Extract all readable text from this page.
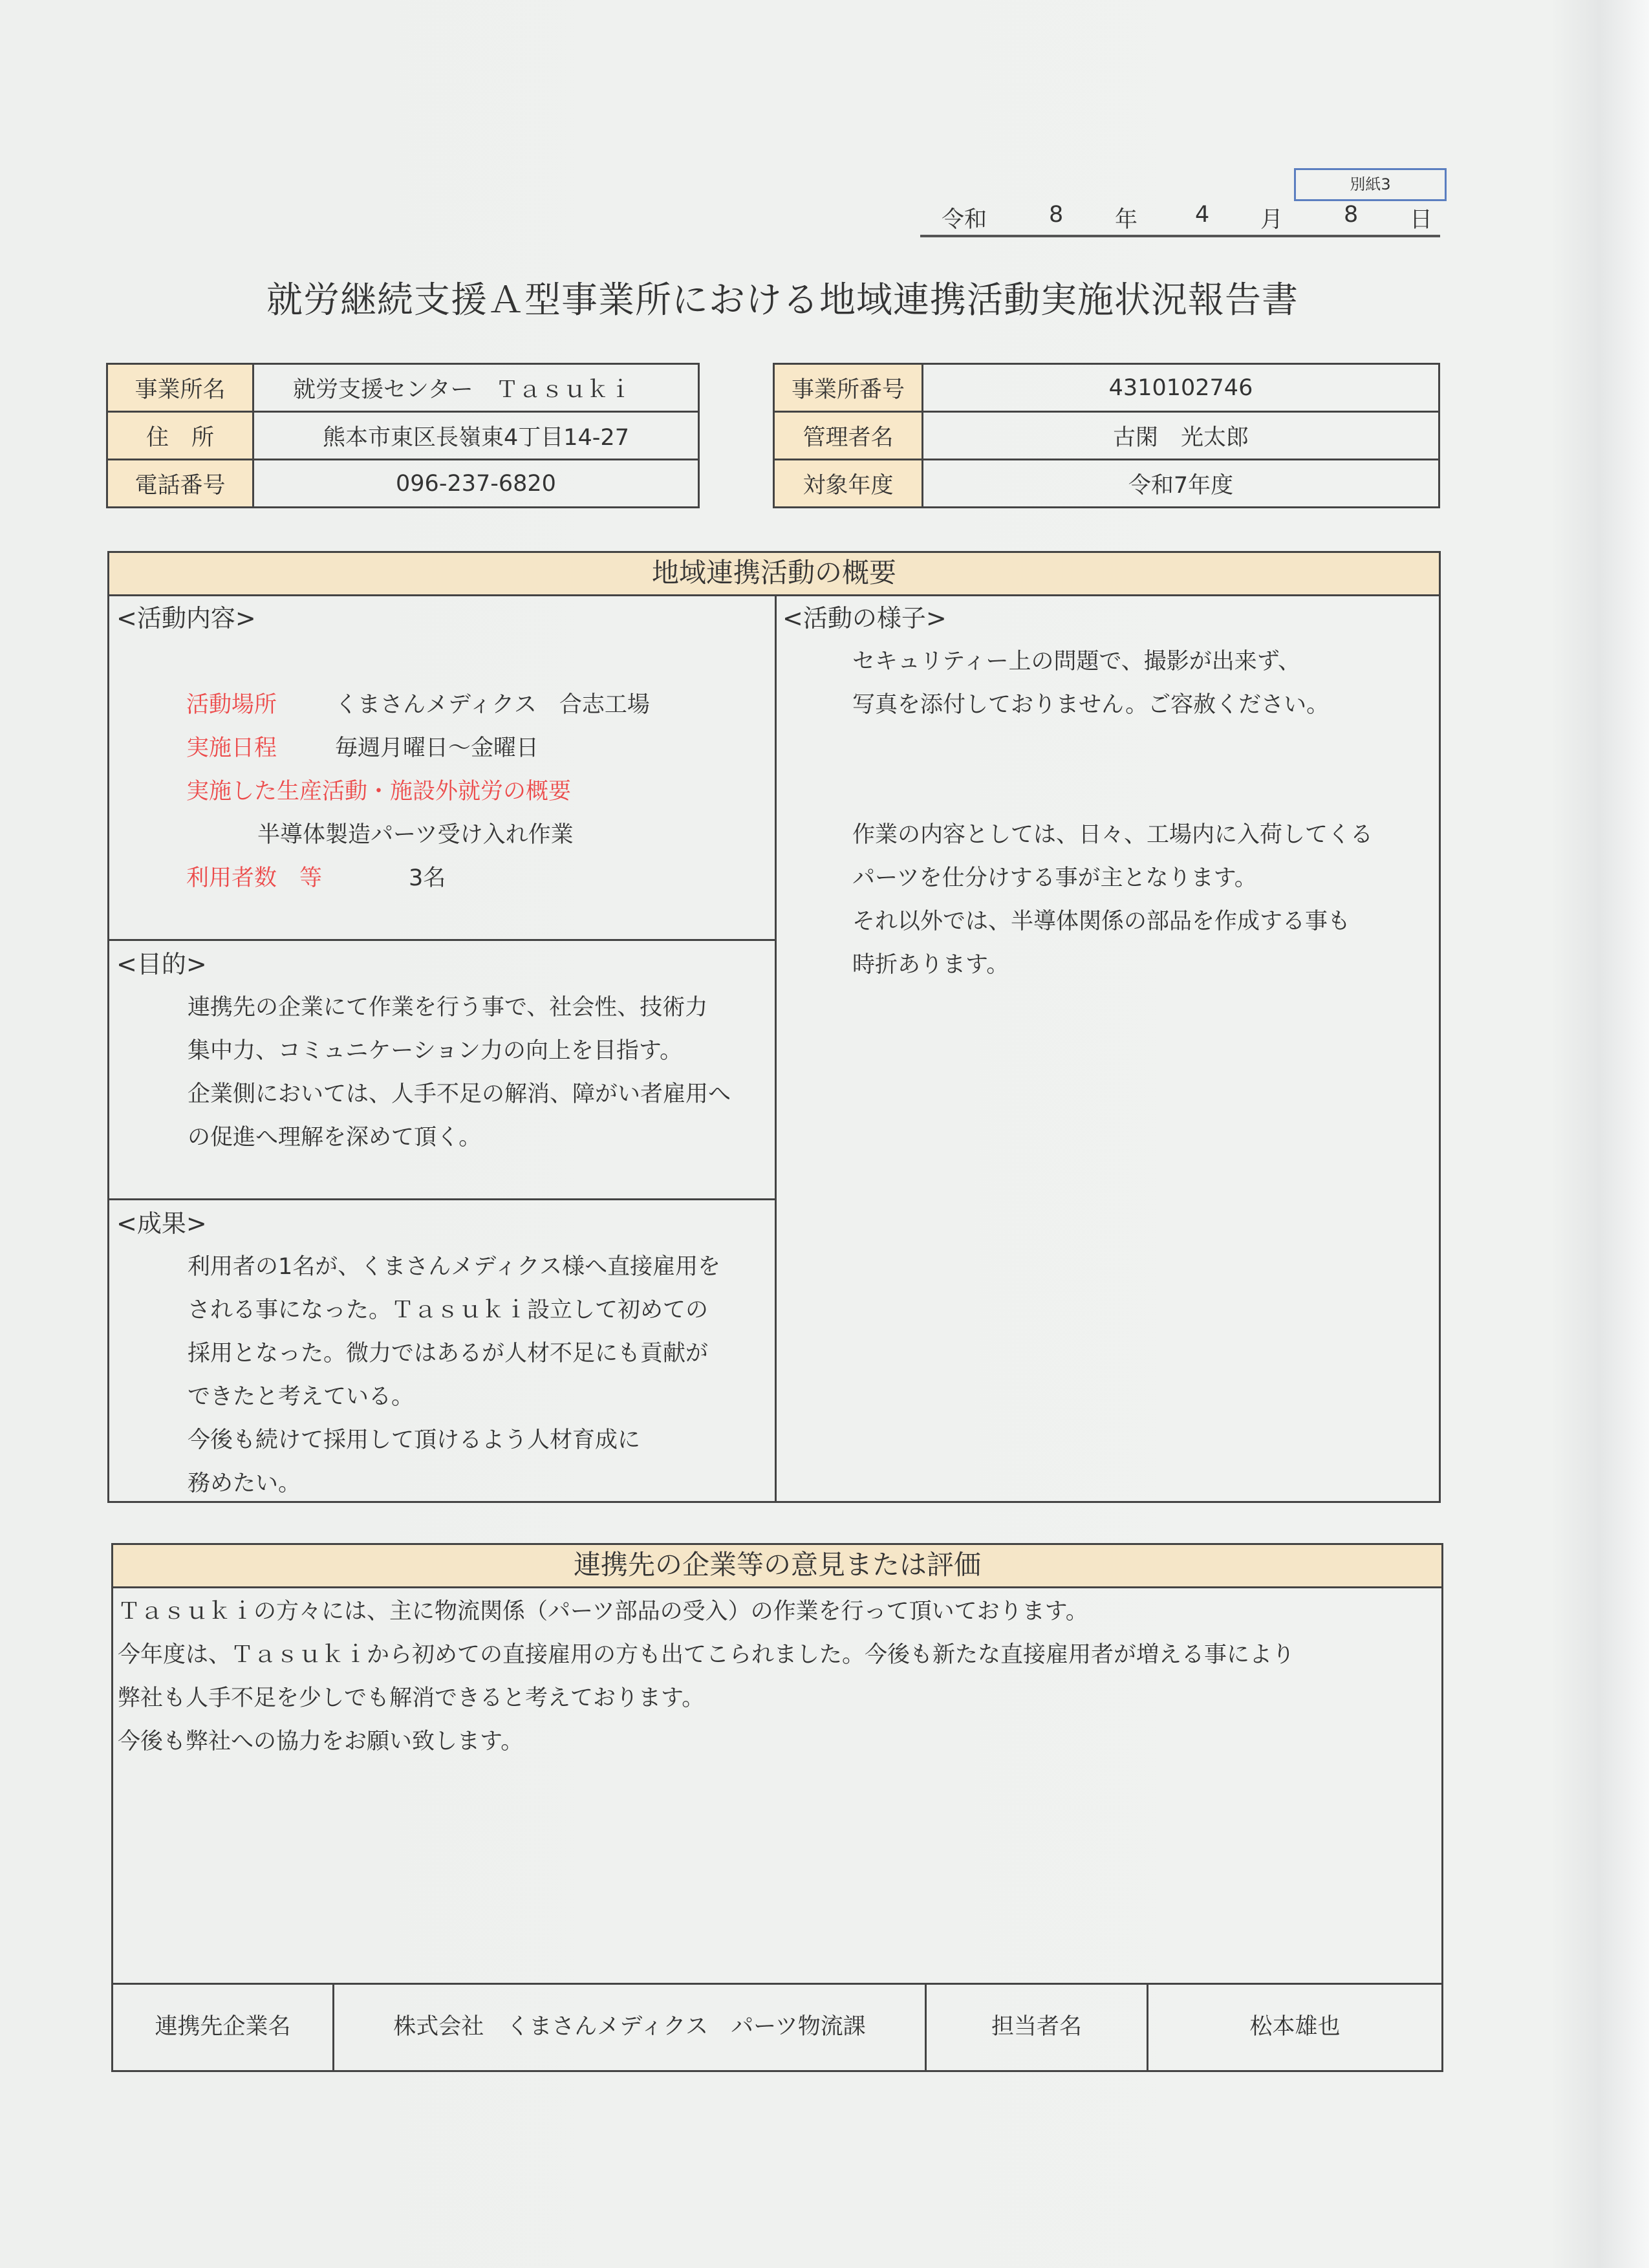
別紙3
令和	8 年	4 月	8 日
就労継続支援Ａ型事業所における地域連携活動実施状況報告書
事業所名	就労支援センター　Ｔａｓｕｋｉ
住　所	熊本市東区長嶺東4丁目14-27
電話番号	096-237-6820
事業所番号	4310102746
管理者名	古閑　光太郎
対象年度	令和7年度
地域連携活動の概要
<活動内容>
活動場所	くまさんメディクス　合志工場
実施日程	毎週月曜日～金曜日
実施した生産活動・施設外就労の概要
半導体製造パーツ受け入れ作業
利用者数　等	3名
<目的>
連携先の企業にて作業を行う事で、社会性、技術力
集中力、コミュニケーション力の向上を目指す。
企業側においては、人手不足の解消、障がい者雇用へ
の促進へ理解を深めて頂く。
<成果>
利用者の1名が、くまさんメディクス様へ直接雇用を
される事になった。Ｔａｓｕｋｉ設立して初めての
採用となった。微力ではあるが人材不足にも貢献が
できたと考えている。
今後も続けて採用して頂けるよう人材育成に
務めたい。
<活動の様子>
セキュリティー上の問題で、撮影が出来ず、
写真を添付しておりません。ご容赦ください。
作業の内容としては、日々、工場内に入荷してくる
パーツを仕分けする事が主となります。
それ以外では、半導体関係の部品を作成する事も
時折あります。
連携先の企業等の意見または評価
Ｔａｓｕｋｉの方々には、主に物流関係（パーツ部品の受入）の作業を行って頂いております。
今年度は、Ｔａｓｕｋｉから初めての直接雇用の方も出てこられました。今後も新たな直接雇用者が増える事により
弊社も人手不足を少しでも解消できると考えております。
今後も弊社への協力をお願い致します。
連携先企業名	株式会社　くまさんメディクス　パーツ物流課	担当者名	松本雄也
